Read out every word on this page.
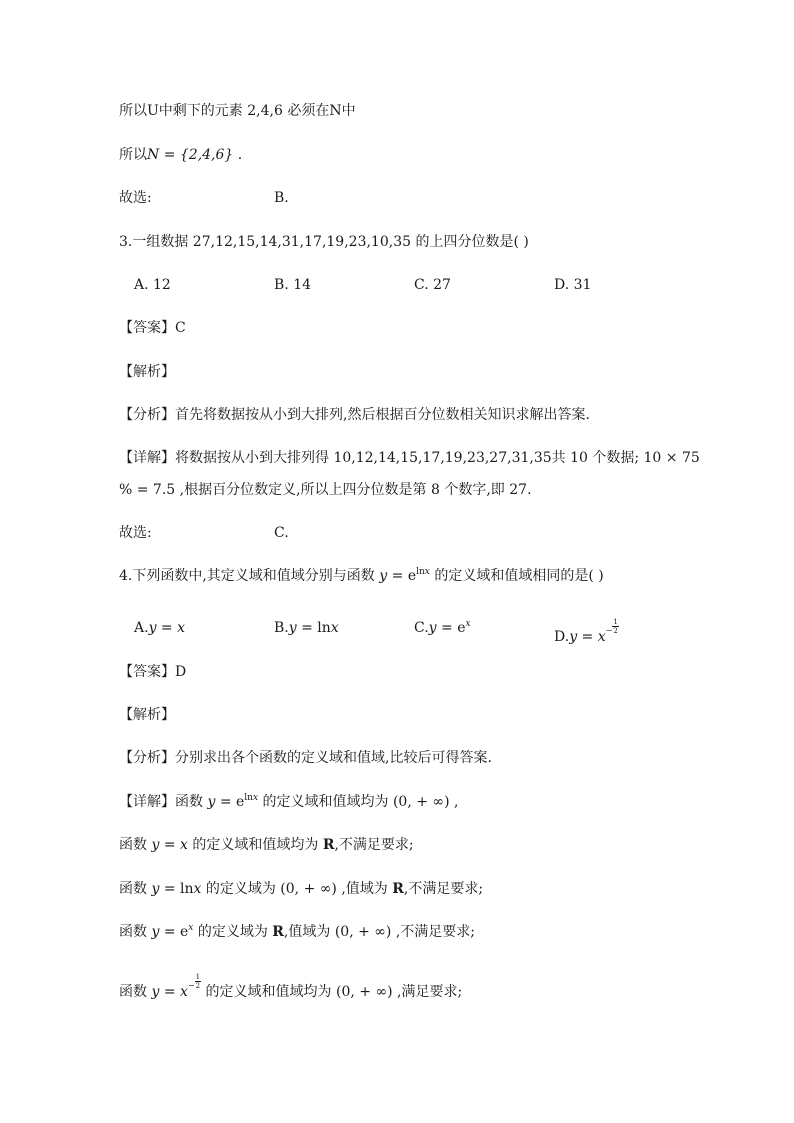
所以U中剩下的元素 2,4,6 必须在N中
所以N = {2,4,6} .
故选:	B.
3.一组数据 27,12,15,14,31,17,19,23,10,35 的上四分位数是( )
A. 12	B. 14	C. 27	D. 31
【答案】C
【解析】
【分析】首先将数据按从小到大排列,然后根据百分位数相关知识求解出答案.
【详解】将数据按从小到大排列得 10,12,14,15,17,19,23,27,31,35共 10 个数据; 10 × 75
% = 7.5 ,根据百分位数定义,所以上四分位数是第 8 个数字,即 27.
故选:	C.
4.下列函数中,其定义域和值域分别与函数 $y = e^{lnx}$ 的定义域和值域相同的是( )
A.y = x	B.y = lnx	$C.y = e^x$
$D.y = x^- \frac{1}{2}$
【答案】D
【解析】
【分析】分别求出各个函数的定义域和值域,比较后可得答案.
【详解】函数 $y = e^{lnx}$ 的定义域和值域均为 (0, + ∞) ,
函数 y = x 的定义域和值域均为 R,不满足要求;
函数 y = lnx 的定义域为 (0, + ∞) ,值域为 R,不满足要求;
函数 $y = e^x$ 的定义域为 R,值域为 (0, + ∞) ,不满足要求;
函数 $y = x^- \frac{1}{2}$
的定义域和值域均为 (0, + ∞) ,满足要求;
